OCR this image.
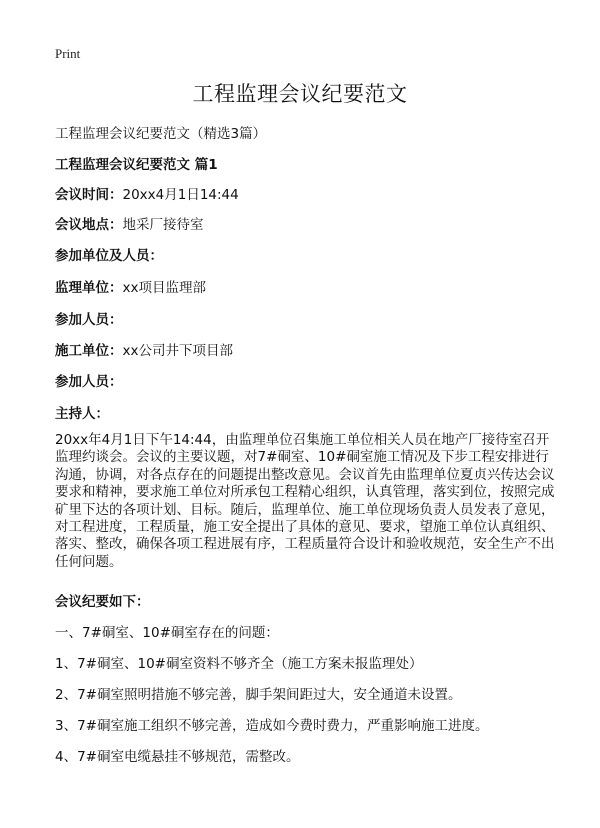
Print
工程监理会议纪要范文
工程监理会议纪要范文（精选3篇）
工程监理会议纪要范文 篇1
会议时间：20xx4月1日14:44
会议地点：地采厂接待室
参加单位及人员：
监理单位：xx项目监理部
参加人员：
施工单位：xx公司井下项目部
参加人员：
主持人：
20xx年4月1日下午14:44，由监理单位召集施工单位相关人员在地产厂接待室召开监理约谈会。会议的主要议题，对7#硐室、10#硐室施工情况及下步工程安排进行沟通，协调，对各点存在的问题提出整改意见。会议首先由监理单位夏贞兴传达会议要求和精神，要求施工单位对所承包工程精心组织，认真管理，落实到位，按照完成矿里下达的各项计划、目标。随后，监理单位、施工单位现场负责人员发表了意见，对工程进度，工程质量，施工安全提出了具体的意见、要求，望施工单位认真组织、落实、整改，确保各项工程进展有序，工程质量符合设计和验收规范，安全生产不出任何问题。
会议纪要如下：
一、7#硐室、10#硐室存在的问题：
1、7#硐室、10#硐室资料不够齐全（施工方案未报监理处）
2、7#硐室照明措施不够完善，脚手架间距过大，安全通道未设置。
3、7#硐室施工组织不够完善，造成如今费时费力，严重影响施工进度。
4、7#硐室电缆悬挂不够规范，需整改。
